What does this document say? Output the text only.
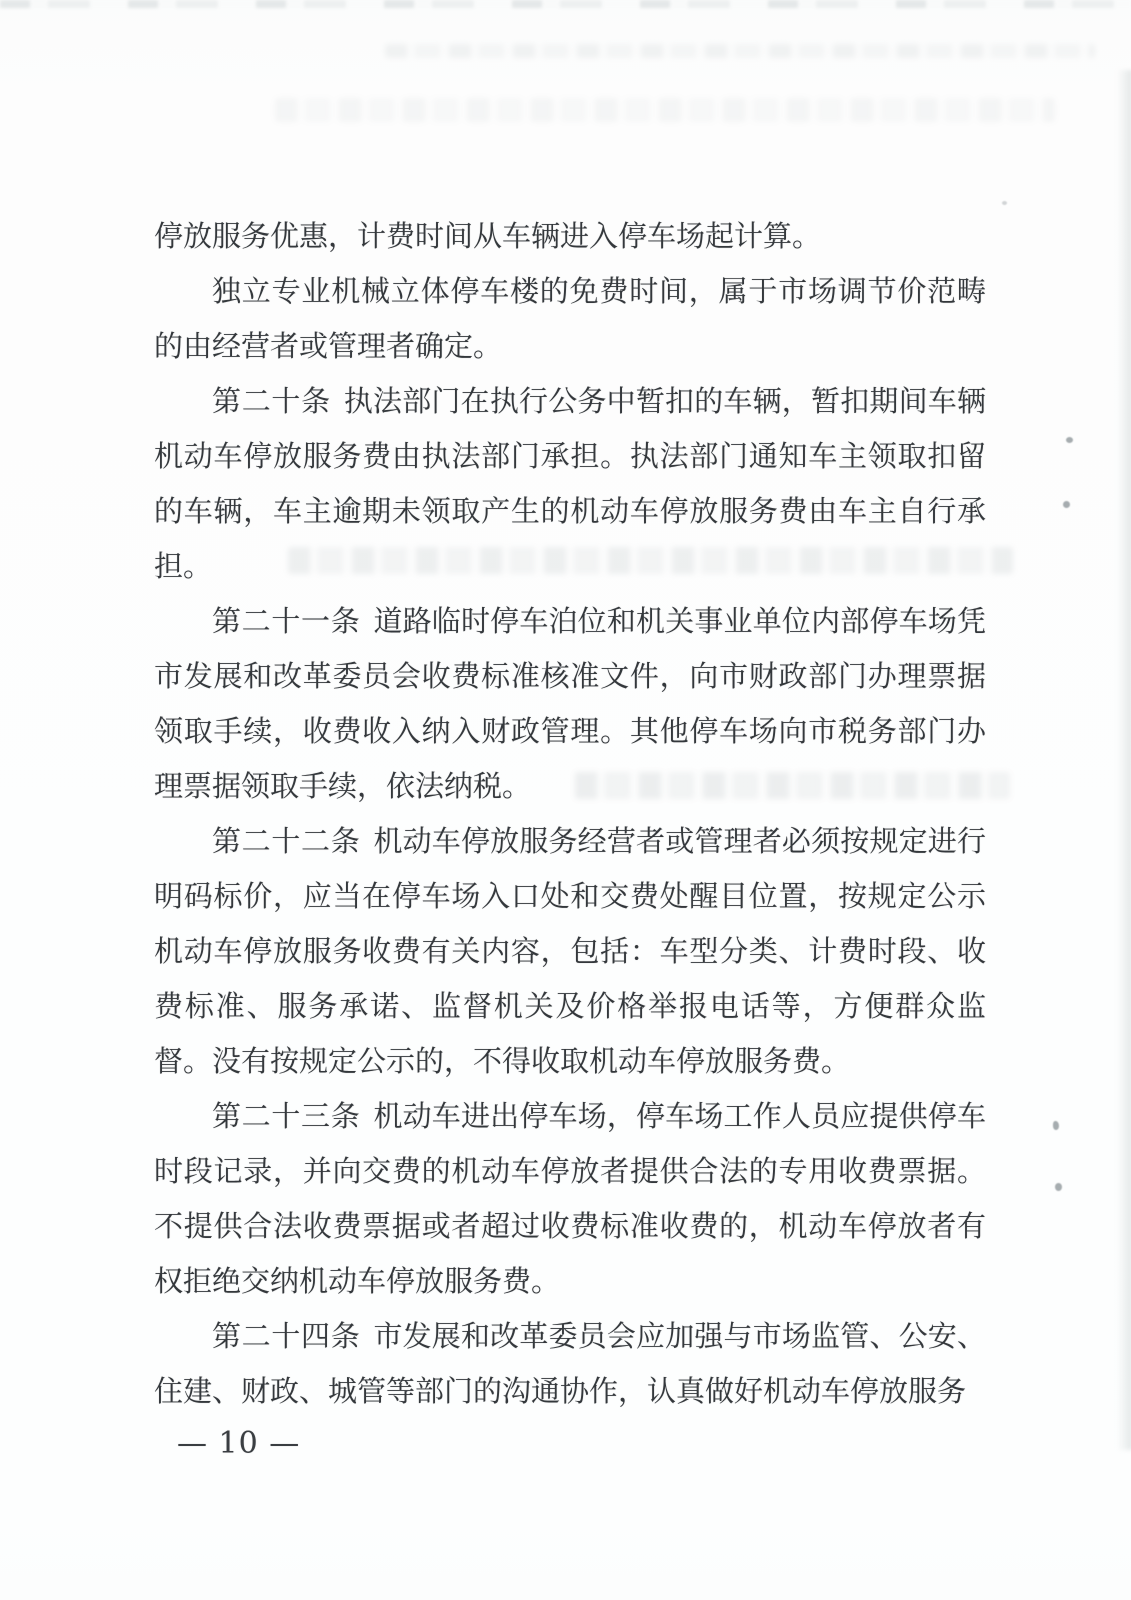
停放服务优惠，计费时间从车辆进入停车场起计算。

独立专业机械立体停车楼的免费时间，属于市场调节价范畴的由经营者或管理者确定。

第二十条 执法部门在执行公务中暂扣的车辆，暂扣期间车辆机动车停放服务费由执法部门承担。执法部门通知车主领取扣留的车辆，车主逾期未领取产生的机动车停放服务费由车主自行承担。

第二十一条 道路临时停车泊位和机关事业单位内部停车场凭市发展和改革委员会收费标准核准文件，向市财政部门办理票据领取手续，收费收入纳入财政管理。其他停车场向市税务部门办理票据领取手续，依法纳税。

第二十二条 机动车停放服务经营者或管理者必须按规定进行明码标价，应当在停车场入口处和交费处醒目位置，按规定公示机动车停放服务收费有关内容，包括：车型分类、计费时段、收费标准、服务承诺、监督机关及价格举报电话等，方便群众监督。没有按规定公示的，不得收取机动车停放服务费。

第二十三条 机动车进出停车场，停车场工作人员应提供停车时段记录，并向交费的机动车停放者提供合法的专用收费票据。不提供合法收费票据或者超过收费标准收费的，机动车停放者有权拒绝交纳机动车停放服务费。

第二十四条 市发展和改革委员会应加强与市场监管、公安、住建、财政、城管等部门的沟通协作，认真做好机动车停放服务

— 10 —
